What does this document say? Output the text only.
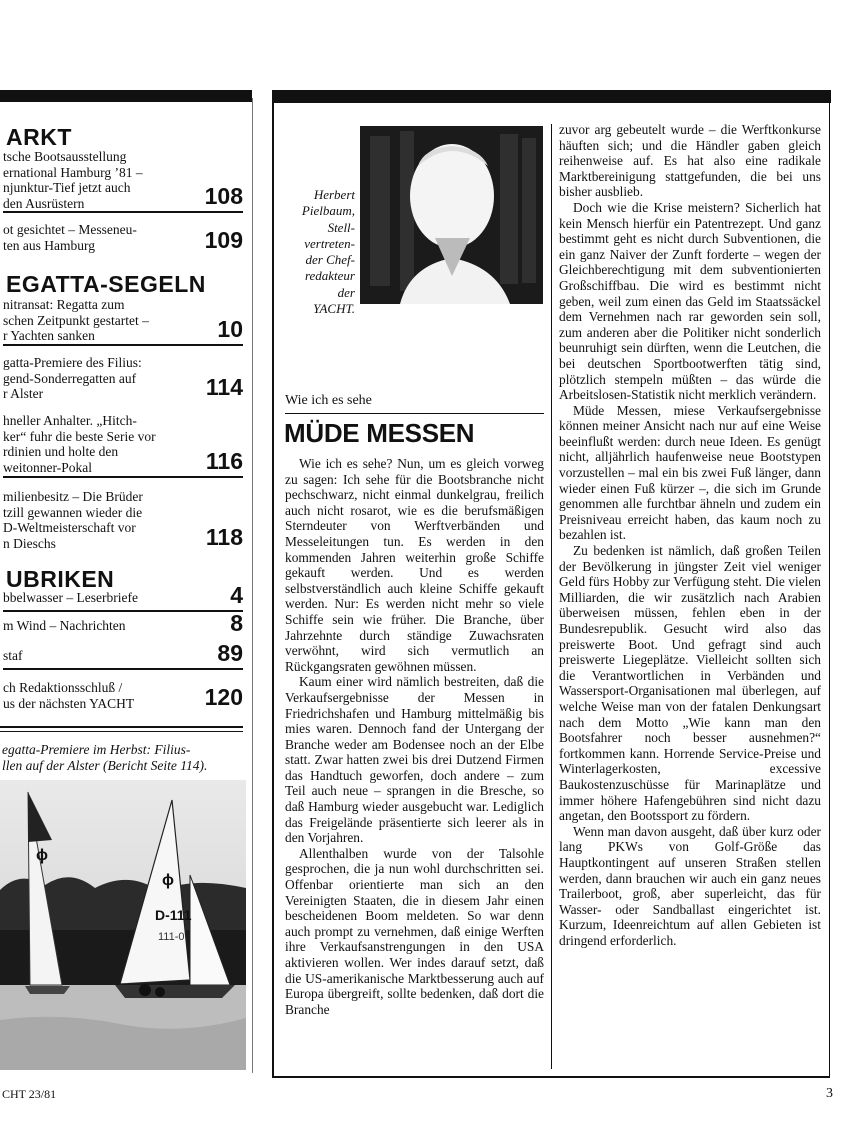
ARKT
tsche Bootsausstellung
ernational Hamburg ’81 –
njunktur-Tief jetzt auch
den Ausrüstern	108
ot gesichtet – Messeneu-
ten aus Hamburg	109
EGATTA-SEGELN
nitransat: Regatta zum
schen Zeitpunkt gestartet –
r Yachten sanken	10
gatta-Premiere des Filius:
gend-Sonderregatten auf
r Alster	114
hneller Anhalter. „Hitch-
ker“ fuhr die beste Serie vor
rdinien und holte den
weitonner-Pokal	116
milienbesitz – Die Brüder
tzill gewannen wieder die
D-Weltmeisterschaft vor
n Dieschs	118
UBRIKEN
bbelwasser – Leserbriefe	4
m Wind – Nachrichten	8
staf	89
ch Redaktionsschluß /
us der nächsten YACHT	120
egatta-Premiere im Herbst: Filius-
llen auf der Alster (Bericht Seite 114).
ϕ
ϕ
D-111
111-0
CHT 23/81
Herbert
Pielbaum,
Stell-
vertreten-
der Chef-
redakteur
der
YACHT.
Wie ich es sehe
MÜDE MESSEN

Wie ich es sehe? Nun, um es gleich vorweg zu sagen: Ich sehe für die Bootsbranche nicht pechschwarz, nicht einmal dunkelgrau, freilich auch nicht rosarot, wie es die berufsmäßigen Sterndeuter von Werftverbänden und Messeleitungen tun. Es werden in den kommenden Jahren weiterhin große Schiffe gekauft werden. Und es werden selbstverständlich auch kleine Schiffe gekauft werden. Nur: Es werden nicht mehr so viele Schiffe sein wie früher. Die Branche, über Jahrzehnte durch ständige Zuwachsraten verwöhnt, wird sich vermutlich an Rückgangsraten gewöhnen müssen.

Kaum einer wird nämlich bestreiten, daß die Verkaufsergebnisse der Messen in Friedrichshafen und Hamburg mittelmäßig bis mies waren. Dennoch fand der Untergang der Branche weder am Bodensee noch an der Elbe statt. Zwar hatten zwei bis drei Dutzend Firmen das Handtuch geworfen, doch andere – zum Teil auch neue – sprangen in die Bresche, so daß Hamburg wieder ausgebucht war. Lediglich das Freigelände präsentierte sich leerer als in den Vorjahren.

Allenthalben wurde von der Talsohle gesprochen, die ja nun wohl durchschritten sei. Offenbar orientierte man sich an den Vereinigten Staaten, die in diesem Jahr einen bescheidenen Boom meldeten. So war denn auch prompt zu vernehmen, daß einige Werften ihre Verkaufsanstrengungen in den USA aktivieren wollen. Wer indes darauf setzt, daß die US-amerikanische Marktbesserung auch auf Europa übergreift, sollte bedenken, daß dort die Branche

zuvor arg gebeutelt wurde – die Werftkonkurse häuften sich; und die Händler gaben gleich reihenweise auf. Es hat also eine radikale Marktbereinigung stattgefunden, die bei uns bisher ausblieb.

Doch wie die Krise meistern? Sicherlich hat kein Mensch hierfür ein Patentrezept. Und ganz bestimmt geht es nicht durch Subventionen, die ein ganz Naiver der Zunft forderte – wegen der Gleichberechtigung mit dem subventionierten Großschiffbau. Die wird es bestimmt nicht geben, weil zum einen das Geld im Staatssäckel dem Vernehmen nach rar geworden sein soll, zum anderen aber die Politiker nicht sonderlich beunruhigt sein dürften, wenn die Leutchen, die bei deutschen Sportbootwerften tätig sind, plötzlich stempeln müßten – das würde die Arbeitslosen-Statistik nicht merklich verändern.

Müde Messen, miese Verkaufsergebnisse können meiner Ansicht nach nur auf eine Weise beeinflußt werden: durch neue Ideen. Es genügt nicht, alljährlich haufenweise neue Bootstypen vorzustellen – mal ein bis zwei Fuß länger, dann wieder einen Fuß kürzer –, die sich im Grunde genommen alle furchtbar ähneln und zudem ein Preisniveau erreicht haben, das kaum noch zu bezahlen ist.

Zu bedenken ist nämlich, daß großen Teilen der Bevölkerung in jüngster Zeit viel weniger Geld fürs Hobby zur Verfügung steht. Die vielen Milliarden, die wir zusätzlich nach Arabien überweisen müssen, fehlen eben in der Bundesrepublik. Gesucht wird also das preiswerte Boot. Und gefragt sind auch preiswerte Liegeplätze. Vielleicht sollten sich die Verantwortlichen in Verbänden und Wassersport-Organisationen mal überlegen, auf welche Weise man von der fatalen Denkungsart nach dem Motto „Wie kann man den Bootsfahrer noch besser ausnehmen?“ fortkommen kann. Horrende Service-Preise und Winterlagerkosten, excessive Baukostenzuschüsse für Marinaplätze und immer höhere Hafengebühren sind nicht dazu angetan, den Bootssport zu fördern.

Wenn man davon ausgeht, daß über kurz oder lang PKWs von Golf-Größe das Hauptkontingent auf unseren Straßen stellen werden, dann brauchen wir auch ein ganz neues Trailerboot, groß, aber superleicht, das für Wasser- oder Sandballast eingerichtet ist. Kurzum, Ideenreichtum auf allen Gebieten ist dringend erforderlich.

3
